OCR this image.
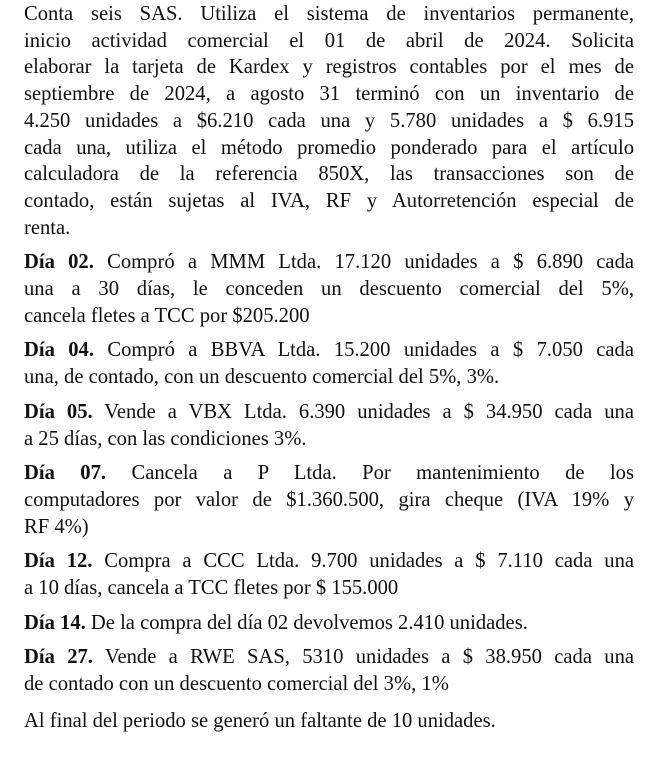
Conta seis SAS. Utiliza el sistema de inventarios permanente,
inicio actividad comercial el 01 de abril de 2024. Solicita
elaborar la tarjeta de Kardex y registros contables por el mes de
septiembre de 2024, a agosto 31 terminó con un inventario de
4.250 unidades a $6.210 cada una y 5.780 unidades a $ 6.915
cada una, utiliza el método promedio ponderado para el artículo
calculadora de la referencia 850X, las transacciones son de
contado, están sujetas al IVA, RF y Autorretención especial de
renta.

Día 02. Compró a MMM Ltda. 17.120 unidades a $ 6.890 cada
una a 30 días, le conceden un descuento comercial del 5%,
cancela fletes a TCC por $205.200

Día 04. Compró a BBVA Ltda. 15.200 unidades a $ 7.050 cada
una, de contado, con un descuento comercial del 5%, 3%.

Día 05. Vende a VBX Ltda. 6.390 unidades a $ 34.950 cada una
a 25 días, con las condiciones 3%.

Día 07. Cancela a P Ltda. Por mantenimiento de los
computadores por valor de $1.360.500, gira cheque (IVA 19% y
RF 4%)

Día 12. Compra a CCC Ltda. 9.700 unidades a $ 7.110 cada una
a 10 días, cancela a TCC fletes por $ 155.000

Día 14. De la compra del día 02 devolvemos 2.410 unidades.

Día 27. Vende a RWE SAS, 5310 unidades a $ 38.950 cada una
de contado con un descuento comercial del 3%, 1%

Al final del periodo se generó un faltante de 10 unidades.
